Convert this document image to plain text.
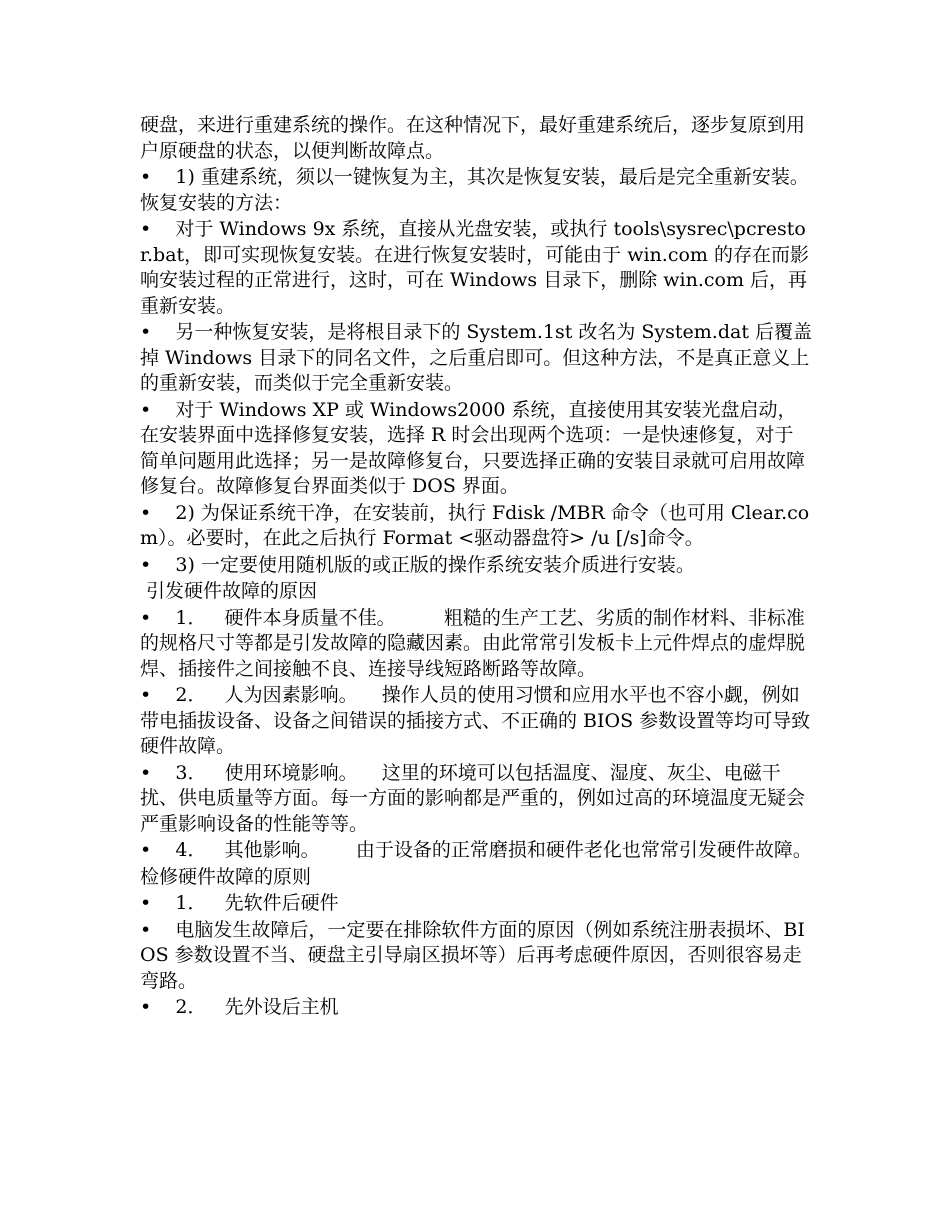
硬盘，来进行重建系统的操作。在这种情况下，最好重建系统后，逐步复原到用户原硬盘的状态，以便判断故障点。

•    1) 重建系统，须以一键恢复为主，其次是恢复安装，最后是完全重新安装。恢复安装的方法：

•    对于 Windows 9x 系统，直接从光盘安装，或执行 tools\sysrec\pcrestor.bat，即可实现恢复安装。在进行恢复安装时，可能由于 win.com 的存在而影响安装过程的正常进行，这时，可在 Windows 目录下，删除 win.com 后，再重新安装。

•    另一种恢复安装，是将根目录下的 System.1st 改名为 System.dat 后覆盖掉 Windows 目录下的同名文件，之后重启即可。但这种方法，不是真正意义上的重新安装，而类似于完全重新安装。

•    对于 Windows XP 或 Windows2000 系统，直接使用其安装光盘启动，在安装界面中选择修复安装，选择 R 时会出现两个选项：一是快速修复，对于简单问题用此选择；另一是故障修复台，只要选择正确的安装目录就可启用故障修复台。故障修复台界面类似于 DOS 界面。

•    2) 为保证系统干净，在安装前，执行 Fdisk /MBR 命令（也可用 Clear.com）。必要时，在此之后执行 Format <驱动器盘符> /u [/s]命令。

•    3) 一定要使用随机版的或正版的操作系统安装介质进行安装。

引发硬件故障的原因

•    1．   硬件本身质量不佳。        粗糙的生产工艺、劣质的制作材料、非标准的规格尺寸等都是引发故障的隐藏因素。由此常常引发板卡上元件焊点的虚焊脱焊、插接件之间接触不良、连接导线短路断路等故障。

•    2．   人为因素影响。    操作人员的使用习惯和应用水平也不容小觑，例如带电插拔设备、设备之间错误的插接方式、不正确的 BIOS 参数设置等均可导致硬件故障。

•    3．   使用环境影响。    这里的环境可以包括温度、湿度、灰尘、电磁干扰、供电质量等方面。每一方面的影响都是严重的，例如过高的环境温度无疑会严重影响设备的性能等等。

•    4．   其他影响。      由于设备的正常磨损和硬件老化也常常引发硬件故障。

检修硬件故障的原则

•    1．   先软件后硬件

•    电脑发生故障后，一定要在排除软件方面的原因（例如系统注册表损坏、BIOS 参数设置不当、硬盘主引导扇区损坏等）后再考虑硬件原因，否则很容易走弯路。

•    2．   先外设后主机
